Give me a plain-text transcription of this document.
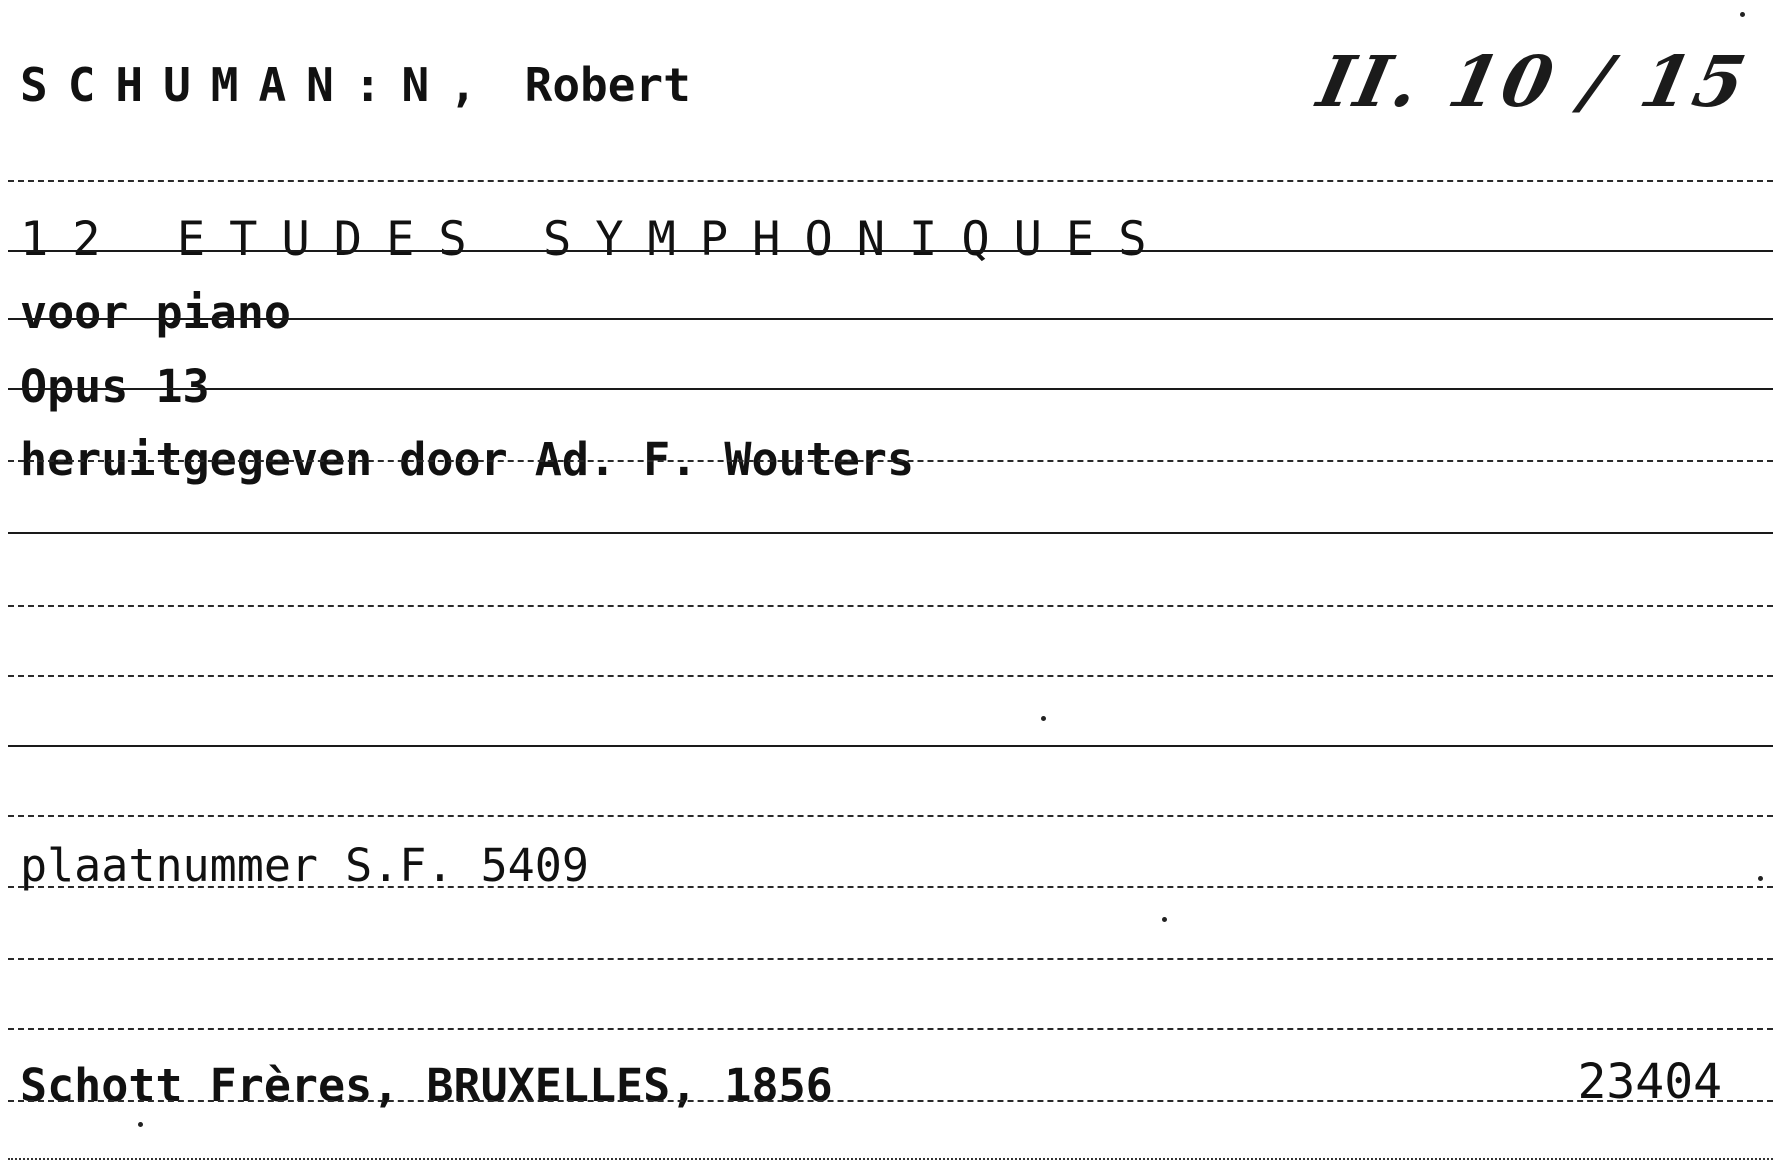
SCHUMAN:N, Robert	II. 10 / 15
12 ETUDES SYMPHONIQUES
voor piano
Opus 13
heruitgegeven door Ad. F. Wouters
plaatnummer S.F. 5409
Schott Frères, BRUXELLES, 1856	23404
